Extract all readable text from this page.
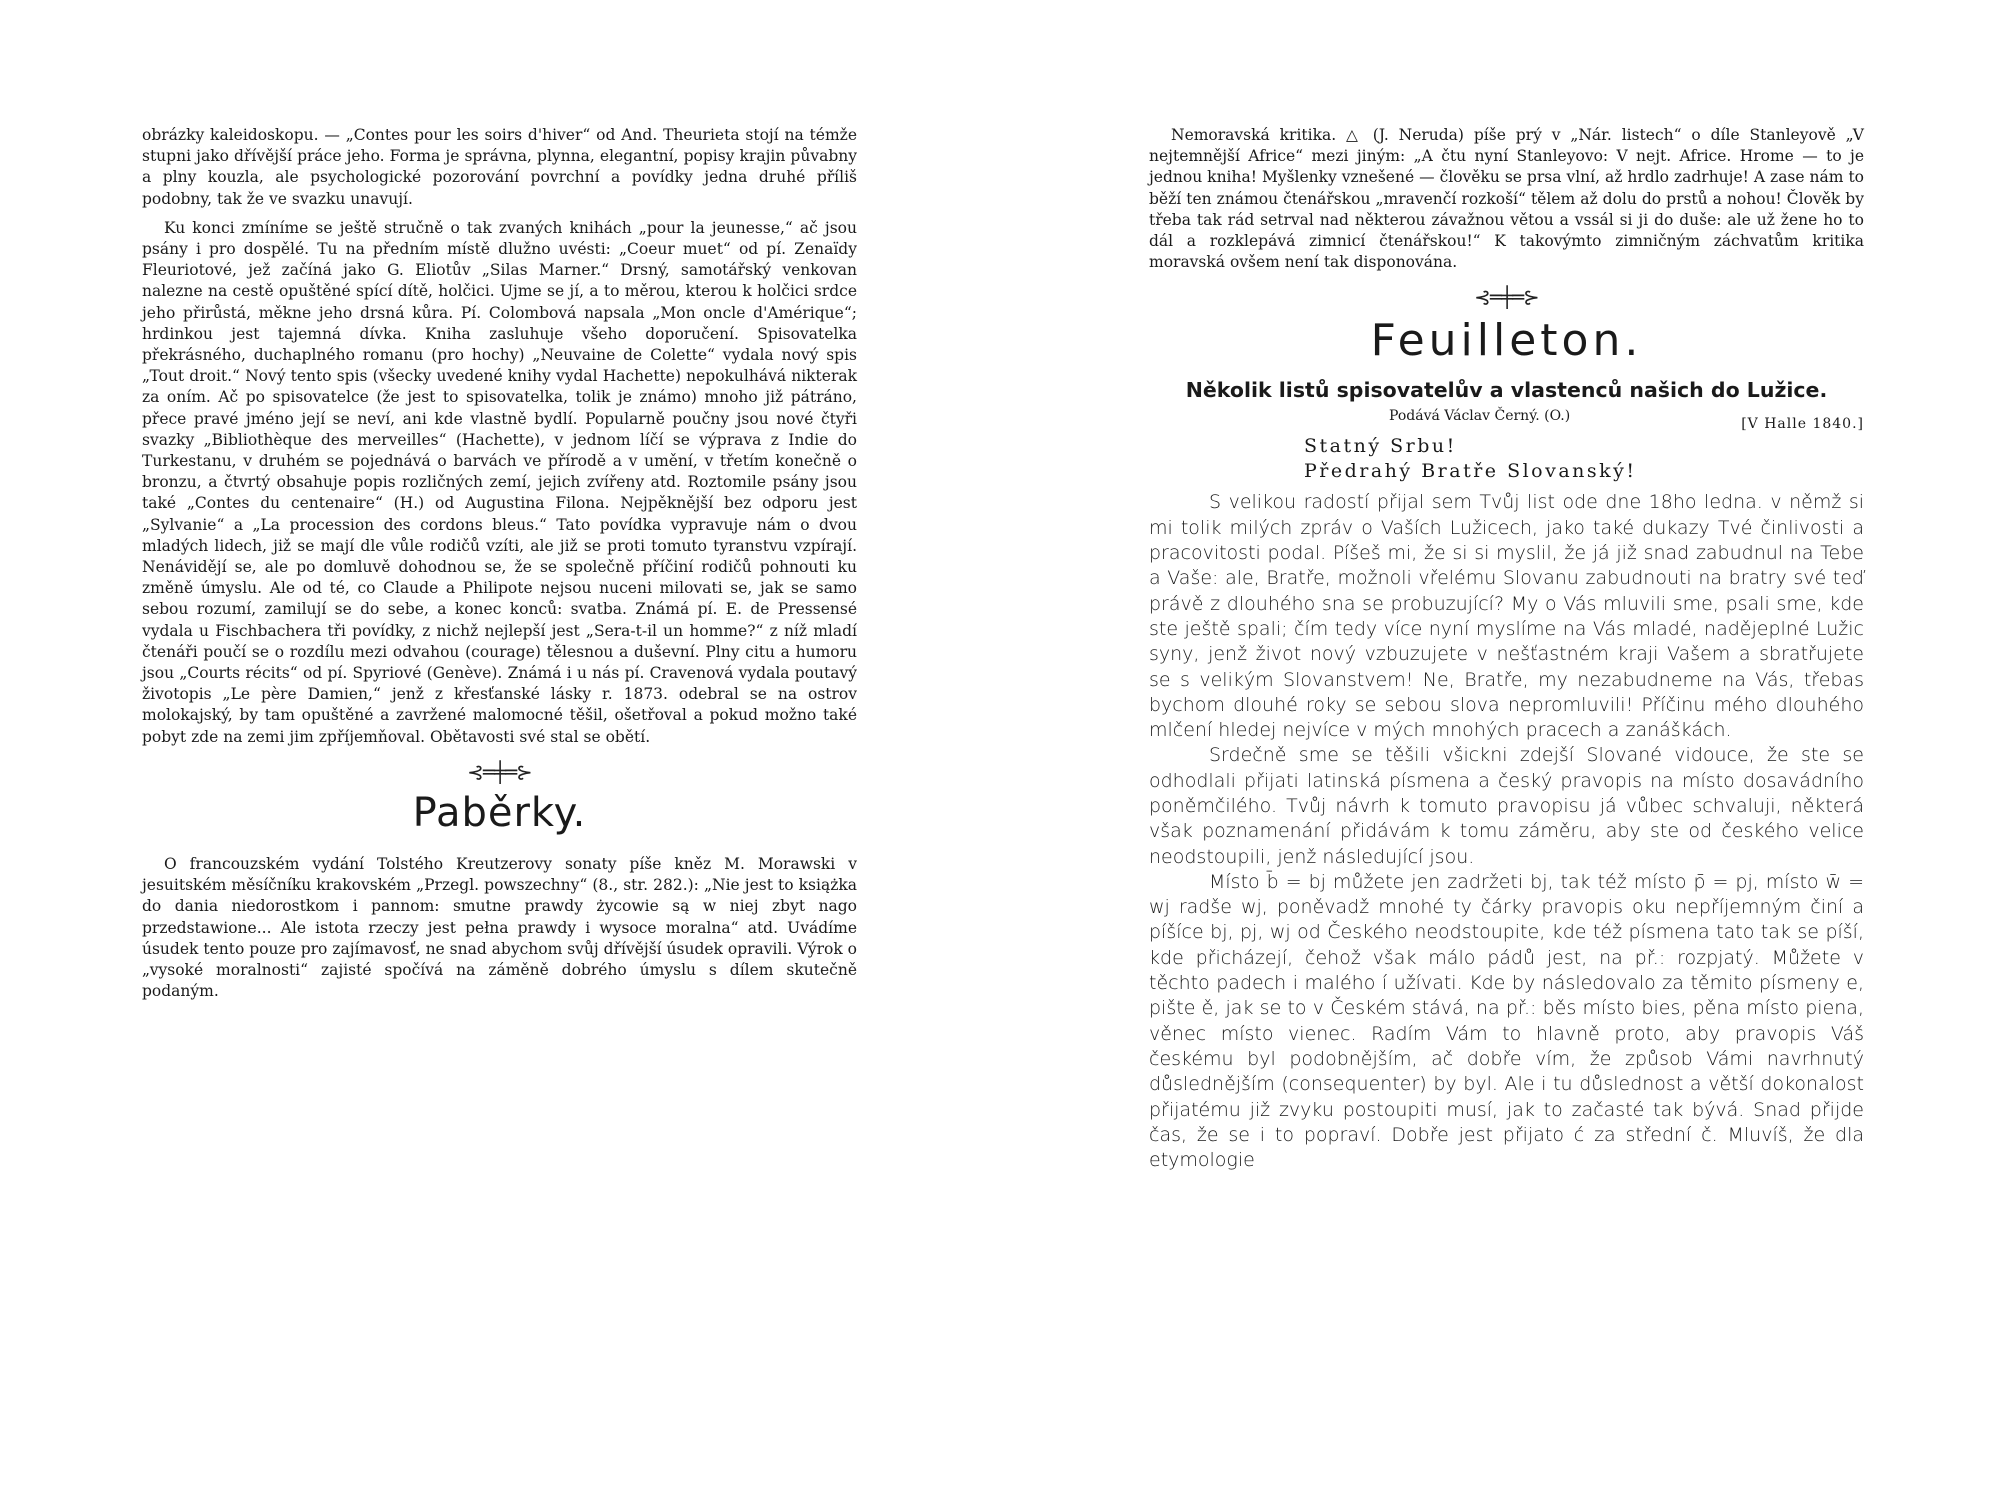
obrázky kaleidoskopu. — „Contes pour les soirs d'hiver“ od And. Theurieta stojí na témže stupni jako dřívější práce jeho. Forma je správna, plynna, elegantní, popisy krajin půvabny a plny kouzla, ale psychologické pozorování povrchní a povídky jedna druhé příliš podobny, tak že ve svazku unavují.

Ku konci zmíníme se ještě stručně o tak zvaných knihách „pour la jeunesse,“ ač jsou psány i pro dospělé. Tu na předním místě dlužno uvésti: „Coeur muet“ od pí. Zenaïdy Fleuriotové, jež začíná jako G. Eliotův „Silas Marner.“ Drsný, samotářský venkovan nalezne na cestě opuštěné spící dítě, holčici. Ujme se jí, a to měrou, kterou k holčici srdce jeho přirůstá, měkne jeho drsná kůra. Pí. Colombová napsala „Mon oncle d'Amérique“; hrdinkou jest tajemná dívka. Kniha zasluhuje všeho doporučení. Spisovatelka překrásného, duchaplného romanu (pro hochy) „Neuvaine de Colette“ vydala nový spis „Tout droit.“ Nový tento spis (všecky uvedené knihy vydal Hachette) nepokulhává nikterak za oním. Ač po spisovatelce (že jest to spisovatelka, tolik je známo) mnoho již pátráno, přece pravé jméno její se neví, ani kde vlastně bydlí. Popularně poučny jsou nové čtyři svazky „Bibliothèque des merveilles“ (Hachette), v jednom líčí se výprava z Indie do Turkestanu, v druhém se pojednává o barvách ve přírodě a v umění, v třetím konečně o bronzu, a čtvrtý obsahuje popis rozličných zemí, jejich zvířeny atd. Roztomile psány jsou také „Contes du centenaire“ (H.) od Augustina Filona. Nejpěknější bez odporu jest „Sylvanie“ a „La procession des cordons bleus.“ Tato povídka vypravuje nám o dvou mladých lidech, již se mají dle vůle rodičů vzíti, ale již se proti tomuto tyranstvu vzpírají. Nenávidějí se, ale po domluvě dohodnou se, že se společně příčiní rodičů pohnouti ku změně úmyslu. Ale od té, co Claude a Philipote nejsou nuceni milovati se, jak se samo sebou rozumí, zamilují se do sebe, a konec konců: svatba. Známá pí. E. de Pressensé vydala u Fischbachera tři povídky, z nichž nejlepší jest „Sera-t-il un homme?“ z níž mladí čtenáři poučí se o rozdílu mezi odvahou (courage) tělesnou a duševní. Plny citu a humoru jsou „Courts récits“ od pí. Spyriové (Genève). Známá i u nás pí. Cravenová vydala poutavý životopis „Le père Damien,“ jenž z křesťanské lásky r. 1873. odebral se na ostrov molokajský, by tam opuštěné a zavržené malomocné těšil, ošetřoval a pokud možno také pobyt zde na zemi jim zpříjemňoval. Obětavosti své stal se obětí.

⊰═╪═⊱
Paběrky.

O francouzském vydání Tolstého Kreutzerovy sonaty píše kněz M. Morawski v jesuitském měsíčníku krakovském „Przegl. powszechny“ (8., str. 282.): „Nie jest to książka do dania niedorostkom i pannom: smutne prawdy życowie są w niej zbyt nago przedstawione... Ale istota rzeczy jest pełna prawdy i wysoce moralna“ atd. Uvádíme úsudek tento pouze pro zajímavosť, ne snad abychom svůj dřívější úsudek opravili. Výrok o „vysoké moralnosti“ zajisté spočívá na záměně dobrého úmyslu s dílem skutečně podaným.

Nemoravská kritika. △ (J. Neruda) píše prý v „Nár. listech“ o díle Stanleyově „V nejtemnější Africe“ mezi jiným: „A čtu nyní Stanleyovo: V nejt. Africe. Hrome — to je jednou kniha! Myšlenky vznešené — člověku se prsa vlní, až hrdlo zadrhuje! A zase nám to běží ten známou čtenářskou „mravenčí rozkoší“ tělem až dolu do prstů a nohou! Člověk by třeba tak rád setrval nad některou závažnou větou a vssál si ji do duše: ale už žene ho to dál a rozklepává zimnicí čtenářskou!“ K takovýmto zimničným záchvatům kritika moravská ovšem není tak disponována.

⊰═╪═⊱
Feuilleton.
Několik listů spisovatelův a vlastenců našich do Lužice.
Podává Václav Černý. (O.)	[V Halle 1840.]
Statný Srbu!
Předrahý Bratře Slovanský!

S velikou radostí přijal sem Tvůj list ode dne 18ho ledna. v němž si mi tolik milých zpráv o Vaších Lužicech, jako také dukazy Tvé činlivosti a pracovitosti podal. Píšeš mi, že si si myslil, že já již snad zabudnul na Tebe a Vaše: ale, Bratře, možnoli vřelému Slovanu zabudnouti na bratry své teď právě z dlouhého sna se probuzující? My o Vás mluvili sme, psali sme, kde ste ještě spali; čím tedy více nyní myslíme na Vás mladé, nadějeplné Lužic syny, jenž život nový vzbuzujete v nešťastném kraji Vašem a sbratřujete se s velikým Slovanstvem! Ne, Bratře, my nezabudneme na Vás, třebas bychom dlouhé roky se sebou slova nepromluvili! Příčinu mého dlouhého mlčení hledej nejvíce v mých mnohých pracech a zanáškách.

Srdečně sme se těšili všickni zdejší Slované vidouce, že ste se odhodlali přijati latinská písmena a český pravopis na místo dosavádního poněmčilého. Tvůj návrh k tomuto pravopisu já vůbec schvaluji, některá však poznamenání přidávám k tomu záměru, aby ste od českého velice neodstoupili, jenž následující jsou.

Místo b̄ = bj můžete jen zadržeti bj, tak též místo p̄ = pj, místo w̄ = wj radše wj, poněvadž mnohé ty čárky pravopis oku nepříjemným činí a píšíce bj, pj, wj od Českého neodstoupite, kde též písmena tato tak se píší, kde přicházejí, čehož však málo pádů jest, na př.: rozpjatý. Můžete v těchto padech i malého í užívati. Kde by následovalo za těmito písmeny e, pište ě, jak se to v Českém stává, na př.: běs místo bies, pěna místo piena, věnec místo vienec. Radím Vám to hlavně proto, aby pravopis Váš českému byl podobnějším, ač dobře vím, že způsob Vámi navrhnutý důslednějším (consequenter) by byl. Ale i tu důslednost a větší dokonalost přijatému již zvyku postoupiti musí, jak to začasté tak bývá. Snad přijde čas, že se i to popraví. Dobře jest přijato ć za střední č. Mluvíš, že dla etymologie
